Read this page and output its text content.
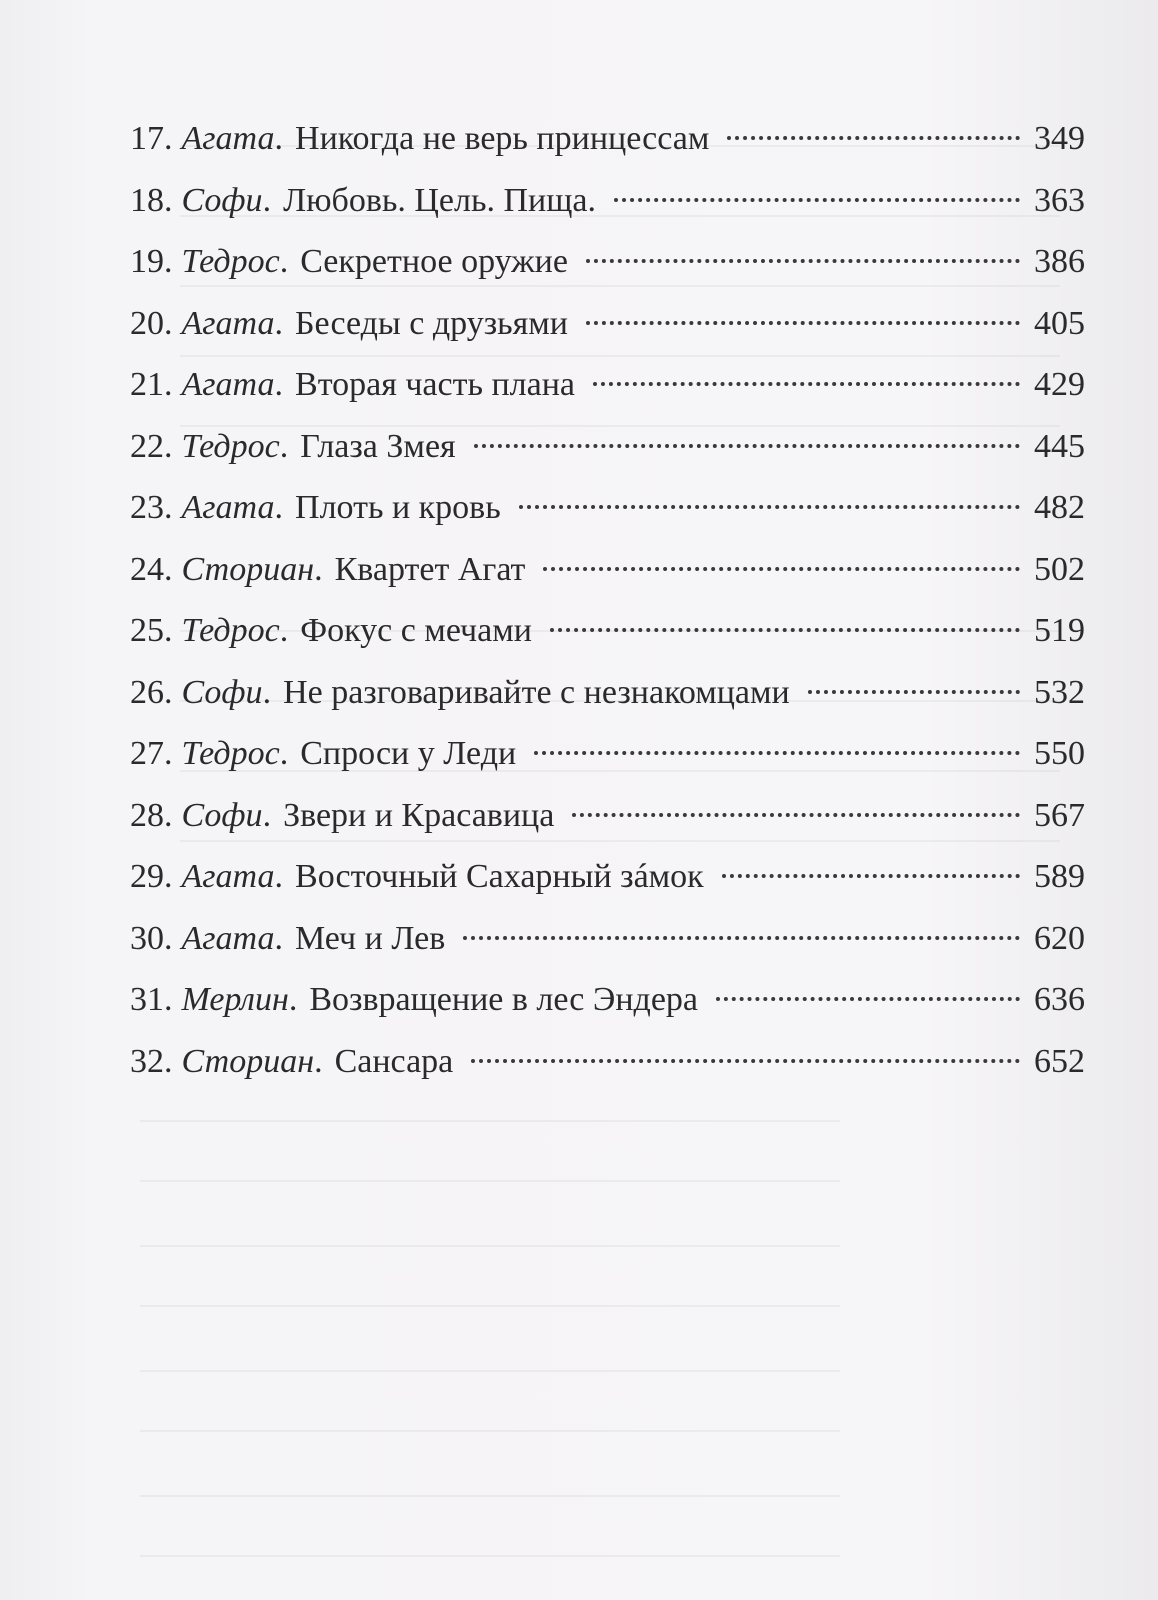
17. Агата . Никогда не верь принцессам	349
18. Софи . Любовь. Цель. Пища.	363
19. Тедрос . Секретное оружие	386
20. Агата . Беседы с друзьями	405
21. Агата . Вторая часть плана	429
22. Тедрос . Глаза Змея	445
23. Агата . Плоть и кровь	482
24. Сториан . Квартет Агат	502
25. Тедрос . Фокус с мечами	519
26. Софи . Не разговаривайте с незнакомцами	532
27. Тедрос . Спроси у Леди	550
28. Софи . Звери и Красавица	567
29. Агата . Восточный Сахарный зáмок	589
30. Агата . Меч и Лев	620
31. Мерлин . Возвращение в лес Эндера	636
32. Сториан . Сансара	652
